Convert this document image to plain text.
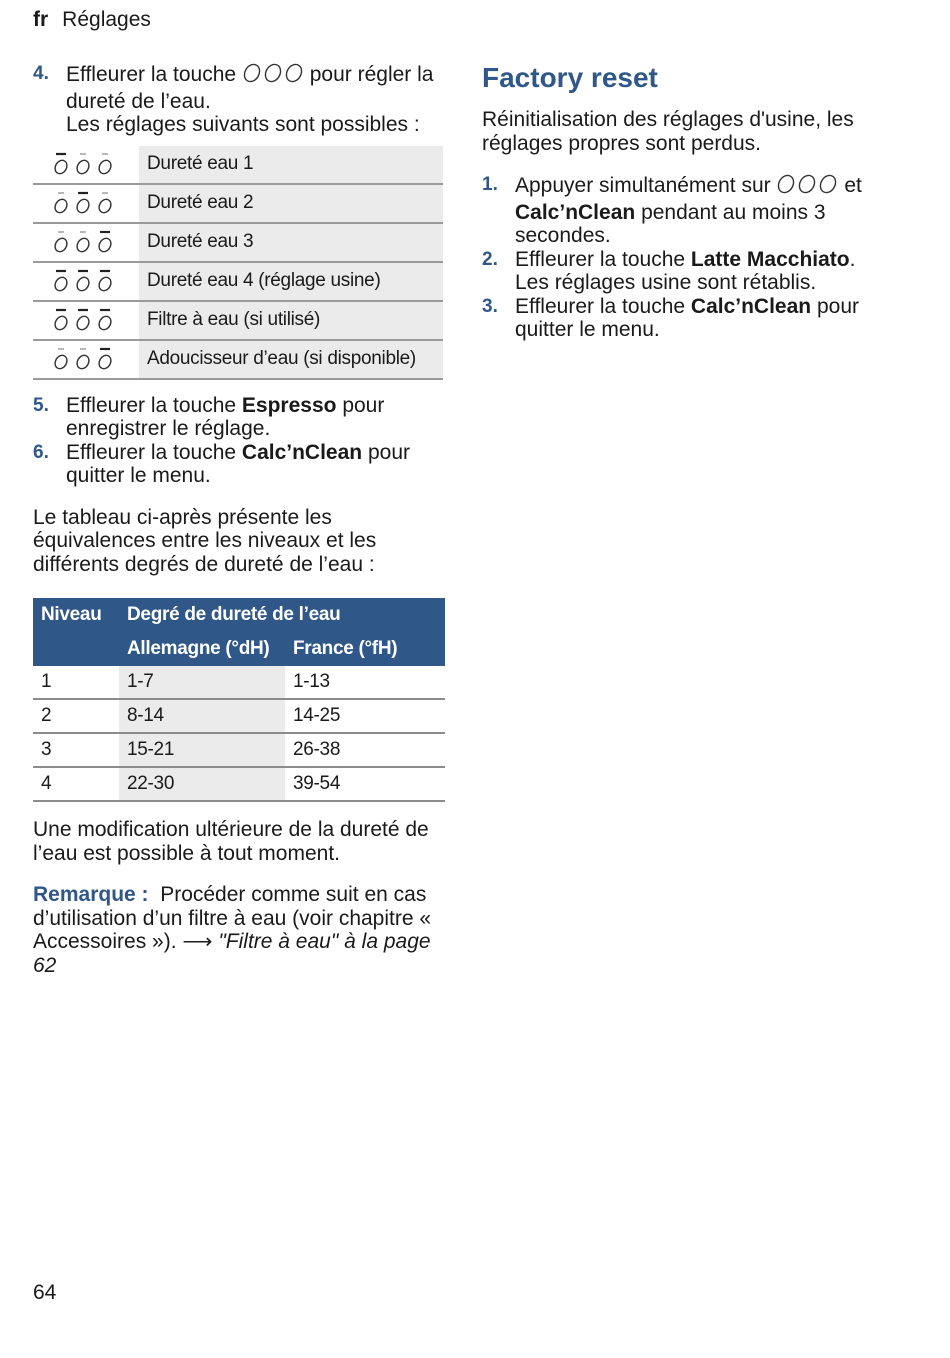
fr Réglages
4. Effleurer la touche	pour régler la dureté de l’eau.
Les réglages suivants sont possibles :
	Dureté eau 1
	Dureté eau 2
	Dureté eau 3
	Dureté eau 4 (réglage usine)
	Filtre à eau (si utilisé)
	Adoucisseur d’eau (si disponible)
5. Effleurer la touche Espresso pour enregistrer le réglage.
6. Effleurer la touche Calc’nClean pour quitter le menu.
Le tableau ci-après présente les équivalences entre les niveaux et les différents degrés de dureté de l’eau :
Niveau	Degré de dureté de l’eau	
	Allemagne (°dH)	France (°fH)
1	1-7	1-13
2	8-14	14-25
3	15-21	26-38
4	22-30	39-54
Une modification ultérieure de la dureté de l’eau est possible à tout moment.
Remarque : Procéder comme suit en cas d’utilisation d’un filtre à eau (voir chapitre « Accessoires »). ⟶ "Filtre à eau" à la page 62
Factory reset
Réinitialisation des réglages d'usine, les réglages propres sont perdus.
1. Appuyer simultanément sur	et Calc’nClean pendant au moins 3 secondes.
2. Effleurer la touche Latte Macchiato.
Les réglages usine sont rétablis.
3. Effleurer la touche Calc’nClean pour quitter le menu.
64
